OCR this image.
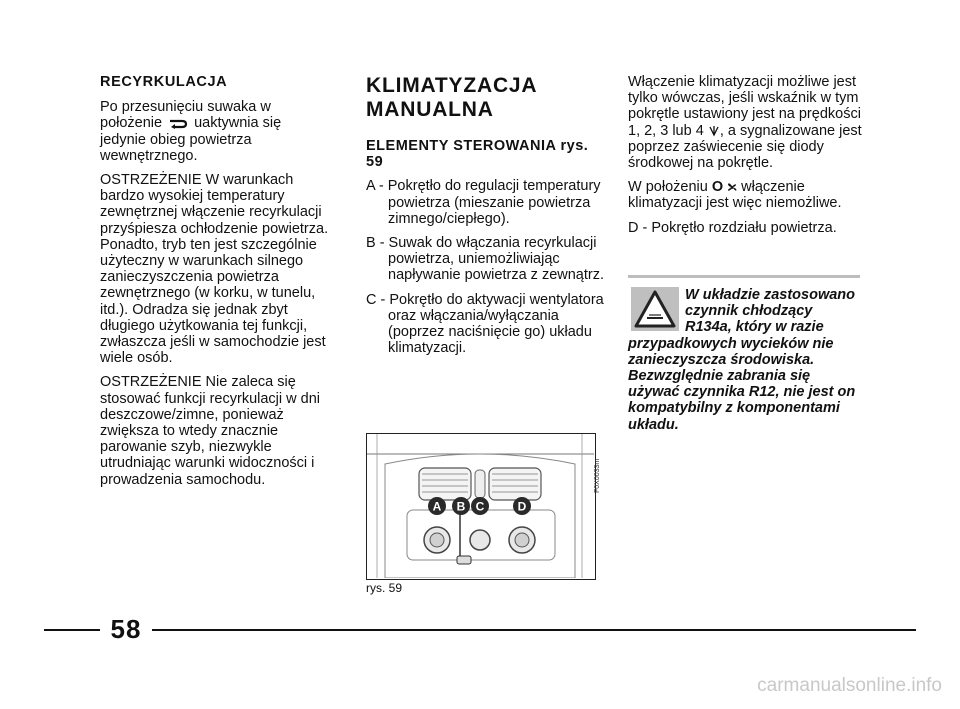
RECYRKULACJA

Po przesunięciu suwaka w położenie uaktywnia się jedynie obieg powietrza wewnętrznego.

OSTRZEŻENIE W warunkach bardzo wysokiej temperatury zewnętrznej włączenie recyrkulacji przyśpiesza ochłodzenie powietrza. Ponadto, tryb ten jest szczególnie użyteczny w warunkach silnego zanieczyszczenia powietrza zewnętrznego (w korku, w tunelu, itd.). Odradza się jednak zbyt długiego użytkowania tej funkcji, zwłaszcza jeśli w samochodzie jest wiele osób.

OSTRZEŻENIE Nie zaleca się stosować funkcji recyrkulacji w dni deszczowe/zimne, ponieważ zwiększa to wtedy znacznie parowanie szyb, niezwykle utrudniając warunki widoczności i prowadzenia samochodu.

KLIMATYZACJA MANUALNA
ELEMENTY STEROWANIA rys. 59

A - Pokrętło do regulacji temperatury powietrza (mieszanie powietrza zimnego/ciepłego).

B - Suwak do włączania recyrkulacji powietrza, uniemożliwiając napływanie powietrza z zewnątrz.

C - Pokrętło do aktywacji wentylatora oraz włączania/wyłączania (poprzez naciśnięcie go) układu klimatyzacji.

A B C	D
F0X0033m
rys. 59

Włączenie klimatyzacji możliwe jest tylko wówczas, jeśli wskaźnik w tym pokrętle ustawiony jest na prędkości 1, 2, 3 lub 4 , a sygnalizowane jest poprzez zaświecenie się diody środkowej na pokrętle.

W położeniu O włączenie klimatyzacji jest więc niemożliwe.

D - Pokrętło rozdziału powietrza.

W układzie zastosowano czynnik chłodzący R134a, który w razie
przypadkowych wycieków nie zanieczyszcza środowiska. Bezwzględnie zabrania się używać czynnika R12, nie jest on kompatybilny z komponentami układu.
58
carmanualsonline.info
